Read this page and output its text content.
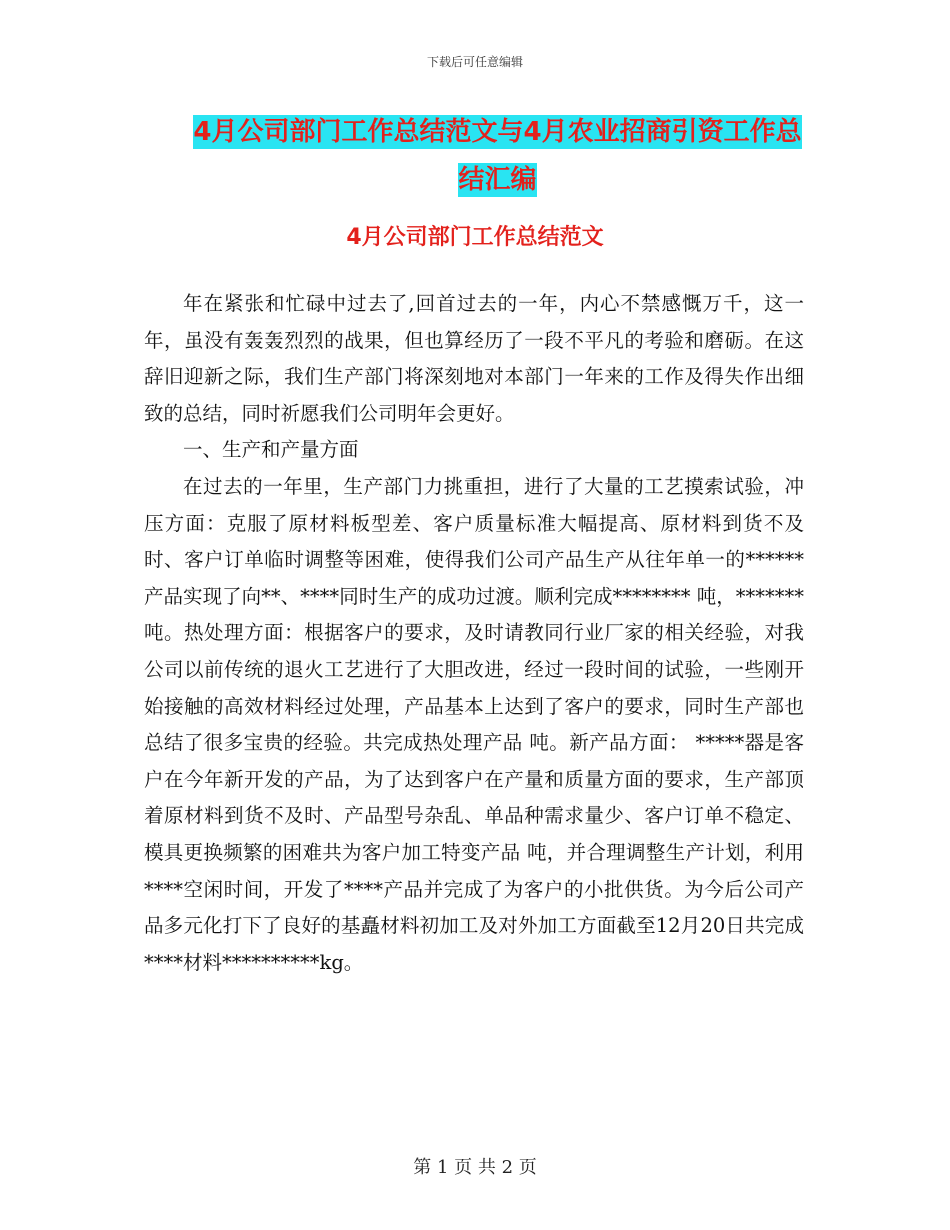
下载后可任意编辑
4月公司部门工作总结范文与4月农业招商引资工作总
结汇编
4月公司部门工作总结范文

年在紧张和忙碌中过去了,回首过去的一年，内心不禁感慨万千，这一年，虽没有轰轰烈烈的战果，但也算经历了一段不平凡的考验和磨砺。在这辞旧迎新之际，我们生产部门将深刻地对本部门一年来的工作及得失作出细致的总结，同时祈愿我们公司明年会更好。

一、生产和产量方面

在过去的一年里，生产部门力挑重担，进行了大量的工艺摸索试验，冲压方面：克服了原材料板型差、客户质量标准大幅提高、原材料到货不及时、客户订单临时调整等困难，使得我们公司产品生产从往年单一的******产品实现了向**、****同时生产的成功过渡。顺利完成******** 吨，******* 吨。热处理方面：根据客户的要求，及时请教同行业厂家的相关经验，对我公司以前传统的退火工艺进行了大胆改进，经过一段时间的试验，一些刚开始接触的高效材料经过处理，产品基本上达到了客户的要求，同时生产部也总结了很多宝贵的经验。共完成热处理产品 吨。新产品方面： *****器是客户在今年新开发的产品，为了达到客户在产量和质量方面的要求，生产部顶着原材料到货不及时、产品型号杂乱、单品种需求量少、客户订单不稳定、模具更换频繁的困难共为客户加工特变产品 吨，并合理调整生产计划，利用****空闲时间，开发了****产品并完成了为客户的小批供货。为今后公司产品多元化打下了良好的基矗材料初加工及对外加工方面截至12月20日共完成****材料**********kg。

第 1 页 共 2 页
